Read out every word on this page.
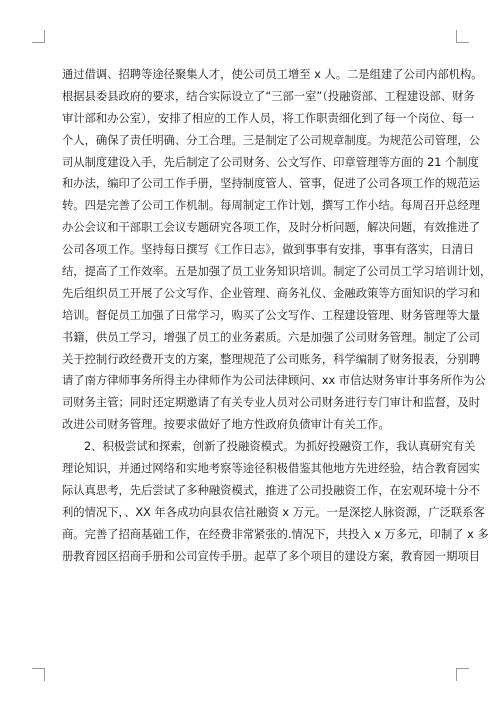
通过借调、招聘等途径聚集人才，使公司员工增至 x 人。二是组建了公司内部机构。
根据县委县政府的要求，结合实际设立了“三部一室”（投融资部、工程建设部、财务
审计部和办公室），安排了相应的工作人员，将工作职责细化到了每一个岗位、每一
个人，确保了责任明确、分工合理。三是制定了公司规章制度。为规范公司管理，公
司从制度建设入手，先后制定了公司财务、公文写作、印章管理等方面的 21 个制度
和办法，编印了公司工作手册，坚持制度管人、管事，促进了公司各项工作的规范运
转。四是完善了公司工作机制。每周制定工作计划，撰写工作小结。每周召开总经理
办公会议和干部职工会议专题研究各项工作，及时分析问题，解决问题，有效推进了
公司各项工作。坚持每日撰写《工作日志》，做到事事有安排，事事有落实，日清日
结，提高了工作效率。五是加强了员工业务知识培训。制定了公司员工学习培训计划，
先后组织员工开展了公文写作、企业管理、商务礼仪、金融政策等方面知识的学习和
培训。督促员工加强了日常学习，购买了公文写作、工程建设管理、财务管理等大量
书籍，供员工学习，增强了员工的业务素质。六是加强了公司财务管理。制定了公司
关于控制行政经费开支的方案，整理规范了公司账务，科学编制了财务报表，分别聘
请了南方律师事务所得主办律师作为公司法律顾问、xx 市信达财务审计事务所作为公
司财务主管；同时还定期邀请了有关专业人员对公司财务进行专门审计和监督，及时
改进公司财务管理。按要求做好了地方性政府负债审计有关工作。
2、积极尝试和探索，创新了投融资模式。为抓好投融资工作，我认真研究有关
理论知识，并通过网络和实地考察等途径积极借鉴其他地方先进经验，结合教育园实
际认真思考，先后尝试了多种融资模式，推进了公司投融资工作，在宏观环境十分不
利的情况下，、XX 年各成功向县农信社融资 x 万元。一是深挖人脉资源，广泛联系客
商。完善了招商基础工作，在经费非常紧张的.情况下，共投入 x 万多元，印制了 x 多
册教育园区招商手册和公司宣传手册。起草了多个项目的建设方案，教育园一期项目
